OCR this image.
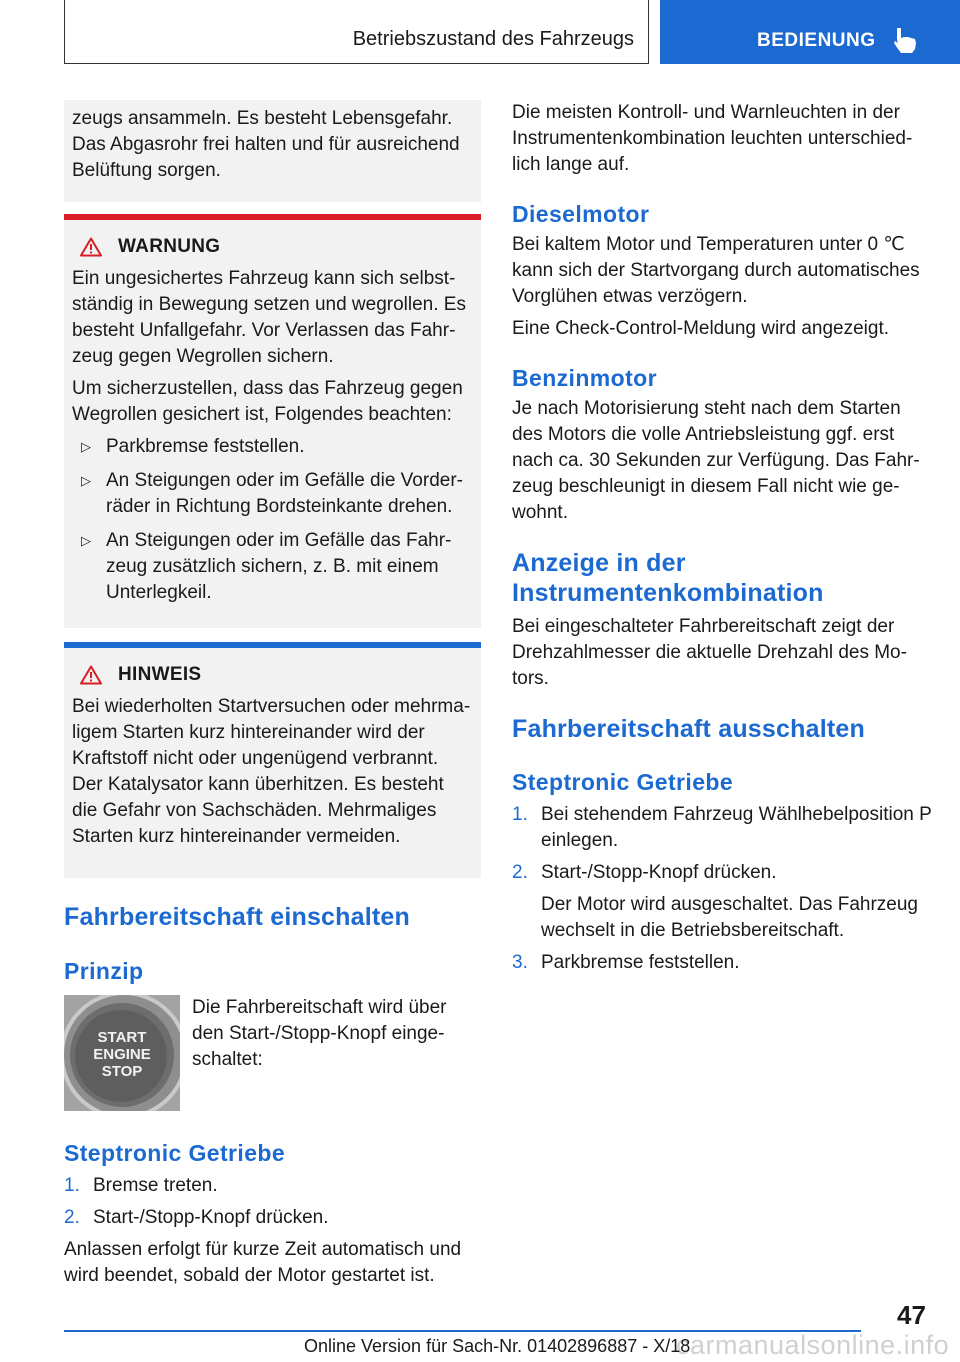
Betriebszustand des Fahrzeugs	BEDIENUNG

zeugs ansammeln. Es besteht Lebensgefahr. Das Abgasrohr frei halten und für ausreichend Belüftung sorgen.

WARNUNG

Ein ungesichertes Fahrzeug kann sich selbstständig in Bewegung setzen und wegrollen. Es besteht Unfallgefahr. Vor Verlassen das Fahrzeug gegen Wegrollen sichern.

Um sicherzustellen, dass das Fahrzeug gegen Wegrollen gesichert ist, Folgendes beachten:

▷ Parkbremse feststellen.
▷ An Steigungen oder im Gefälle die Vorderräder in Richtung Bordsteinkante drehen.
▷ An Steigungen oder im Gefälle das Fahrzeug zusätzlich sichern, z. B. mit einem Unterlegkeil.
HINWEIS

Bei wiederholten Startversuchen oder mehrmaligem Starten kurz hintereinander wird der Kraftstoff nicht oder ungenügend verbrannt. Der Katalysator kann überhitzen. Es besteht die Gefahr von Sachschäden. Mehrmaliges Starten kurz hintereinander vermeiden.

Fahrbereitschaft einschalten
Prinzip
START
ENGINE
STOP
Die Fahrbereitschaft wird über den Start-/Stopp-Knopf eingeschaltet:
Steptronic Getriebe
1. Bremse treten.
2. Start-/Stopp-Knopf drücken.

Anlassen erfolgt für kurze Zeit automatisch und wird beendet, sobald der Motor gestartet ist.

Die meisten Kontroll- und Warnleuchten in der Instrumentenkombination leuchten unterschiedlich lange auf.

Dieselmotor

Bei kaltem Motor und Temperaturen unter 0 ℃ kann sich der Startvorgang durch automatisches Vorglühen etwas verzögern.

Eine Check-Control-Meldung wird angezeigt.

Benzinmotor

Je nach Motorisierung steht nach dem Starten des Motors die volle Antriebsleistung ggf. erst nach ca. 30 Sekunden zur Verfügung. Das Fahrzeug beschleunigt in diesem Fall nicht wie gewohnt.

Anzeige in der Instrumentenkombination

Bei eingeschalteter Fahrbereitschaft zeigt der Drehzahlmesser die aktuelle Drehzahl des Motors.

Fahrbereitschaft ausschalten
Steptronic Getriebe
1. Bei stehendem Fahrzeug Wählhebelposition P einlegen.
2. Start-/Stopp-Knopf drücken.
Der Motor wird ausgeschaltet. Das Fahrzeug wechselt in die Betriebsbereitschaft.
3. Parkbremse feststellen.
47
carmanualsonline.info
Online Version für Sach-Nr. 01402896887 - X/18
